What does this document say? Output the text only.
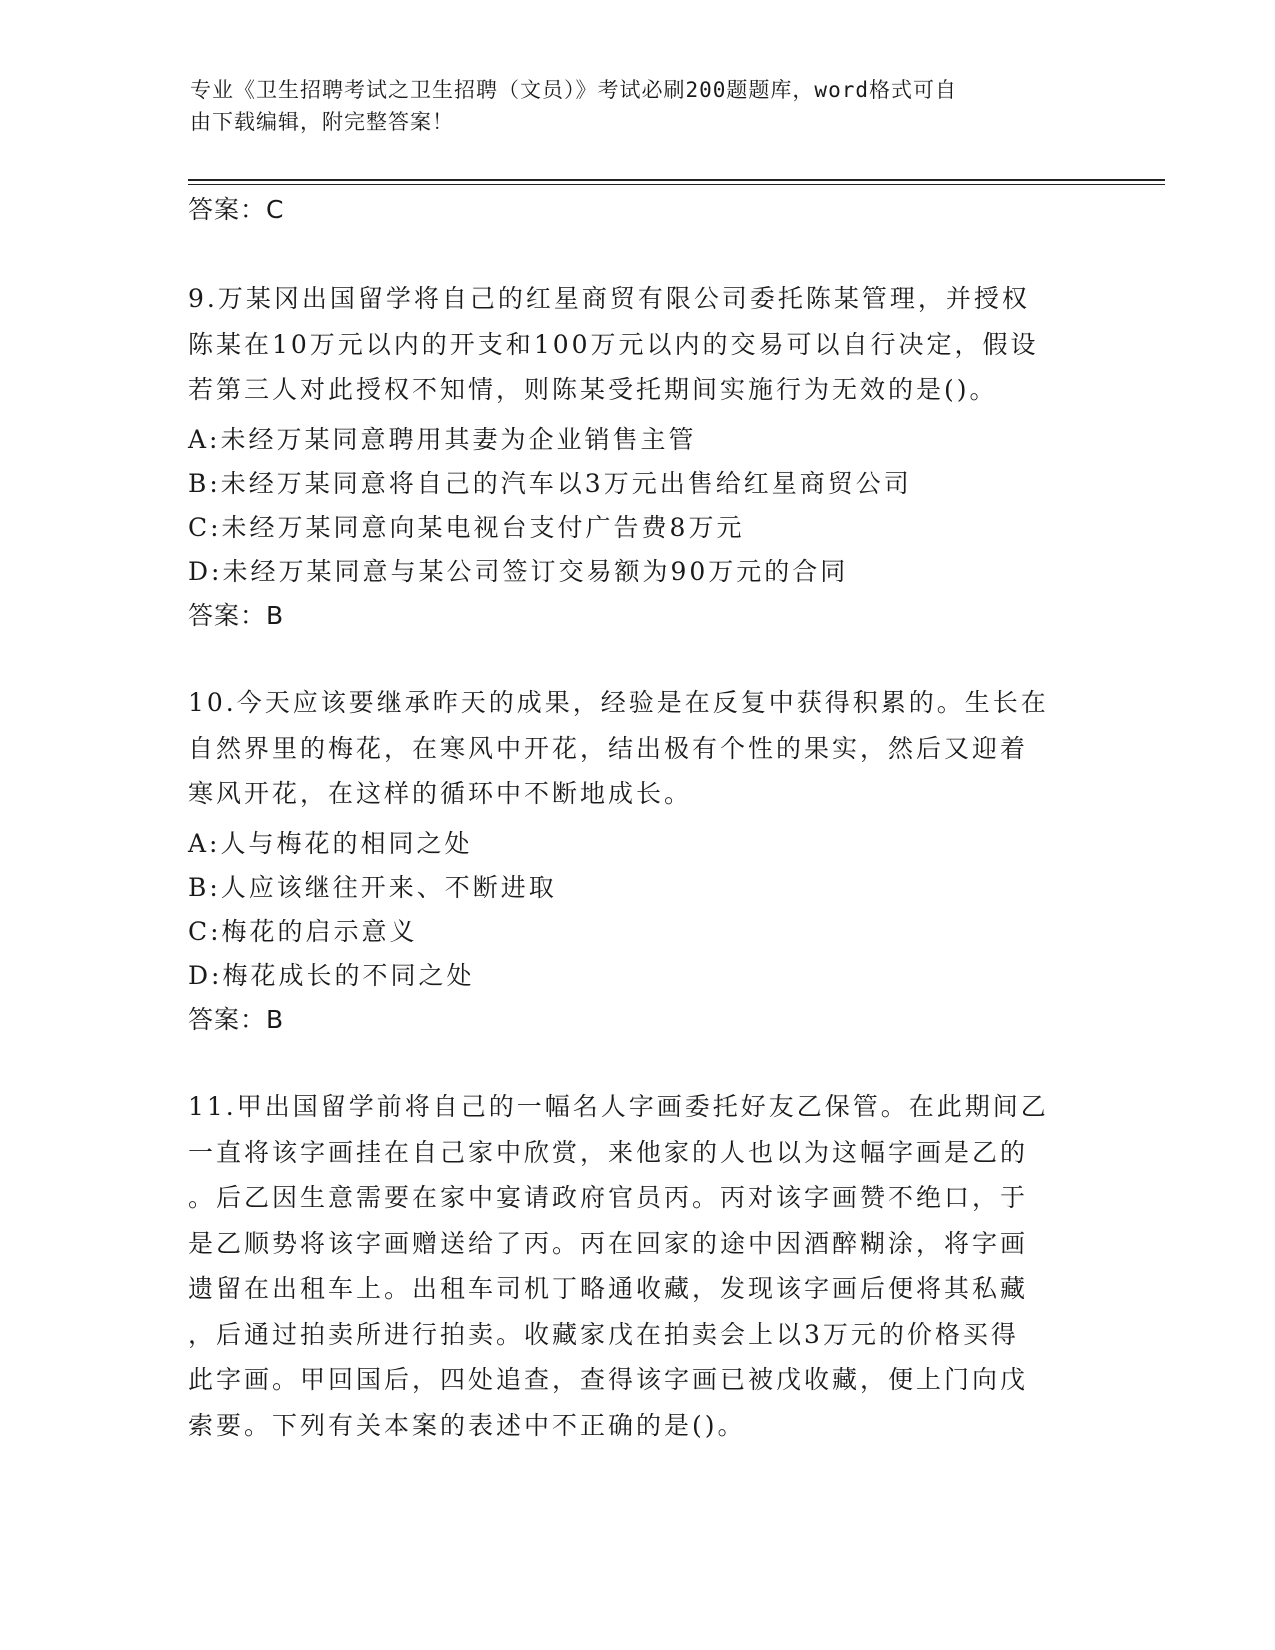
专业《卫生招聘考试之卫生招聘（文员）》考试必刷200题题库，word格式可自
由下载编辑，附完整答案！
答案：C
9.万某冈出国留学将自己的红星商贸有限公司委托陈某管理，并授权
陈某在10万元以内的开支和100万元以内的交易可以自行决定，假设
若第三人对此授权不知情，则陈某受托期间实施行为无效的是()。
A:未经万某同意聘用其妻为企业销售主管
B:未经万某同意将自己的汽车以3万元出售给红星商贸公司
C:未经万某同意向某电视台支付广告费8万元
D:未经万某同意与某公司签订交易额为90万元的合同
答案：B
10.今天应该要继承昨天的成果，经验是在反复中获得积累的。生长在
自然界里的梅花，在寒风中开花，结出极有个性的果实，然后又迎着
寒风开花，在这样的循环中不断地成长。
A:人与梅花的相同之处
B:人应该继往开来、不断进取
C:梅花的启示意义
D:梅花成长的不同之处
答案：B
11.甲出国留学前将自己的一幅名人字画委托好友乙保管。在此期间乙
一直将该字画挂在自己家中欣赏，来他家的人也以为这幅字画是乙的
。后乙因生意需要在家中宴请政府官员丙。丙对该字画赞不绝口，于
是乙顺势将该字画赠送给了丙。丙在回家的途中因酒醉糊涂，将字画
遗留在出租车上。出租车司机丁略通收藏，发现该字画后便将其私藏
，后通过拍卖所进行拍卖。收藏家戊在拍卖会上以3万元的价格买得
此字画。甲回国后，四处追查，查得该字画已被戊收藏，便上门向戊
索要。下列有关本案的表述中不正确的是()。
